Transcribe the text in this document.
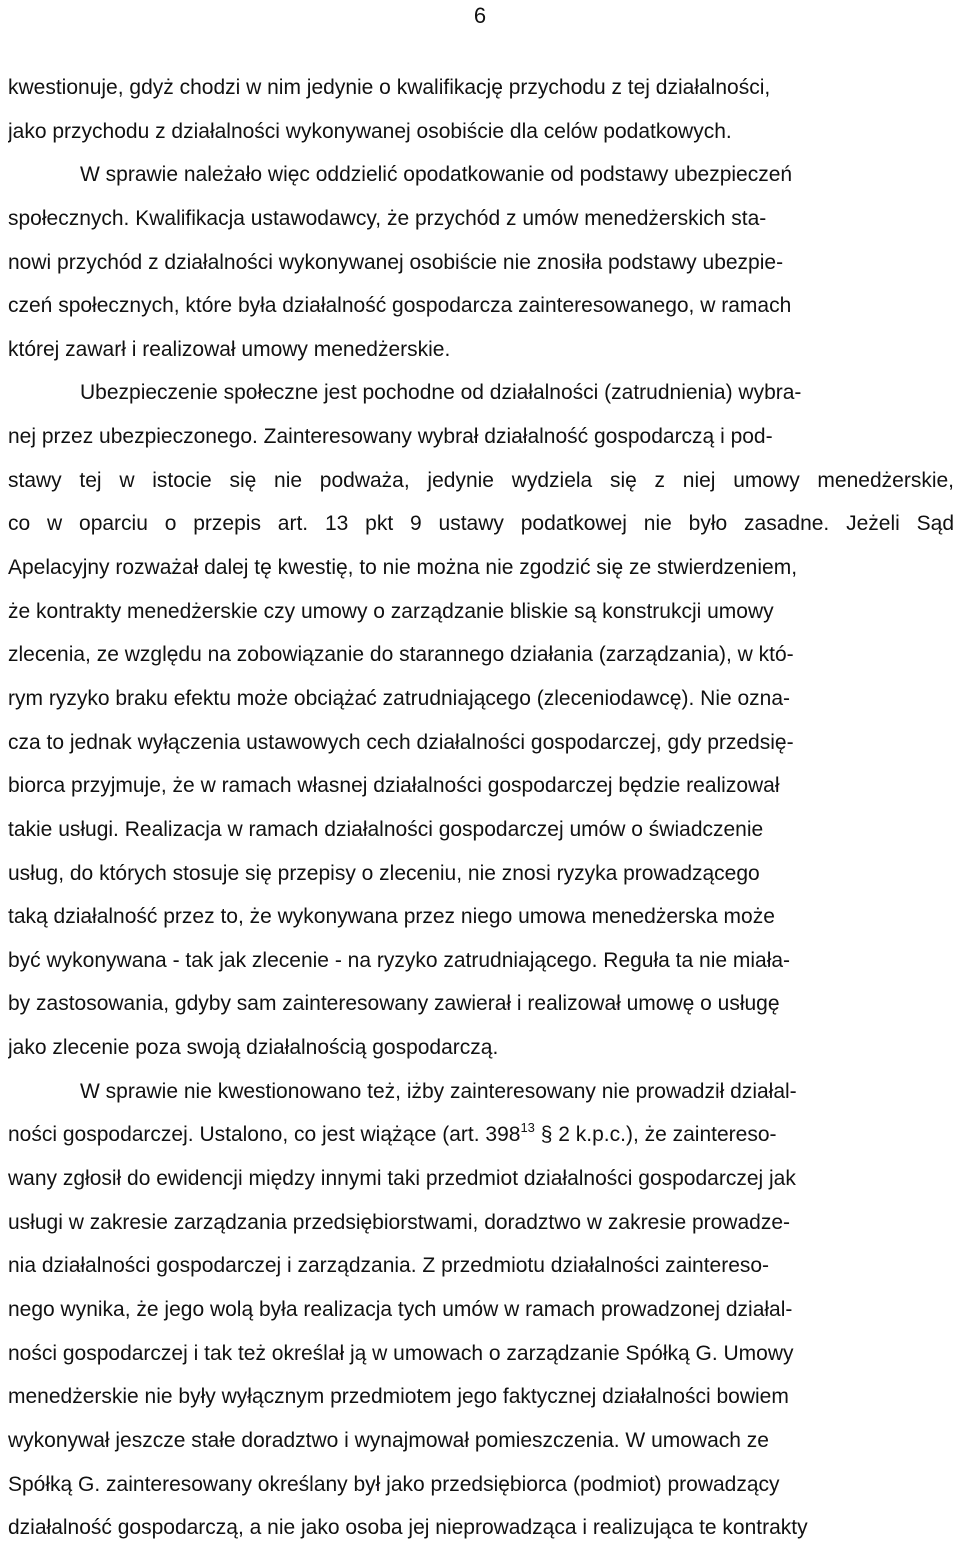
6
kwestionuje, gdyż chodzi w nim jedynie o kwalifikację przychodu z tej działalności,
jako przychodu z działalności wykonywanej osobiście dla celów podatkowych.
W sprawie należało więc oddzielić opodatkowanie od podstawy ubezpieczeń
społecznych. Kwalifikacja ustawodawcy, że przychód z umów menedżerskich sta-
nowi przychód z działalności wykonywanej osobiście nie znosiła podstawy ubezpie-
czeń społecznych, które była działalność gospodarcza zainteresowanego, w ramach
której zawarł i realizował umowy menedżerskie.
Ubezpieczenie społeczne jest pochodne od działalności (zatrudnienia) wybra-
nej przez ubezpieczonego. Zainteresowany wybrał działalność gospodarczą i pod-
stawy tej w istocie się nie podważa, jedynie wydziela się z niej umowy menedżerskie,
co w oparciu o przepis art. 13 pkt 9 ustawy podatkowej nie było zasadne. Jeżeli Sąd
Apelacyjny rozważał dalej tę kwestię, to nie można nie zgodzić się ze stwierdzeniem,
że kontrakty menedżerskie czy umowy o zarządzanie bliskie są konstrukcji umowy
zlecenia, ze względu na zobowiązanie do starannego działania (zarządzania), w któ-
rym ryzyko braku efektu może obciążać zatrudniającego (zleceniodawcę). Nie ozna-
cza to jednak wyłączenia ustawowych cech działalności gospodarczej, gdy przedsię-
biorca przyjmuje, że w ramach własnej działalności gospodarczej będzie realizował
takie usługi. Realizacja w ramach działalności gospodarczej umów o świadczenie
usług, do których stosuje się przepisy o zleceniu, nie znosi ryzyka prowadzącego
taką działalność przez to, że wykonywana przez niego umowa menedżerska może
być wykonywana - tak jak zlecenie - na ryzyko zatrudniającego. Reguła ta nie miała-
by zastosowania, gdyby sam zainteresowany zawierał i realizował umowę o usługę
jako zlecenie poza swoją działalnością gospodarczą.
W sprawie nie kwestionowano też, iżby zainteresowany nie prowadził działal-
ności gospodarczej. Ustalono, co jest wiążące (art. $398^{13}$ § 2 k.p.c.), że zaintereso-
wany zgłosił do ewidencji między innymi taki przedmiot działalności gospodarczej jak
usługi w zakresie zarządzania przedsiębiorstwami, doradztwo w zakresie prowadze-
nia działalności gospodarczej i zarządzania. Z przedmiotu działalności zaintereso-
nego wynika, że jego wolą była realizacja tych umów w ramach prowadzonej działal-
ności gospodarczej i tak też określał ją w umowach o zarządzanie Spółką G. Umowy
menedżerskie nie były wyłącznym przedmiotem jego faktycznej działalności bowiem
wykonywał jeszcze stałe doradztwo i wynajmował pomieszczenia. W umowach ze
Spółką G. zainteresowany określany był jako przedsiębiorca (podmiot) prowadzący
działalność gospodarczą, a nie jako osoba jej nieprowadząca i realizująca te kontrakty
